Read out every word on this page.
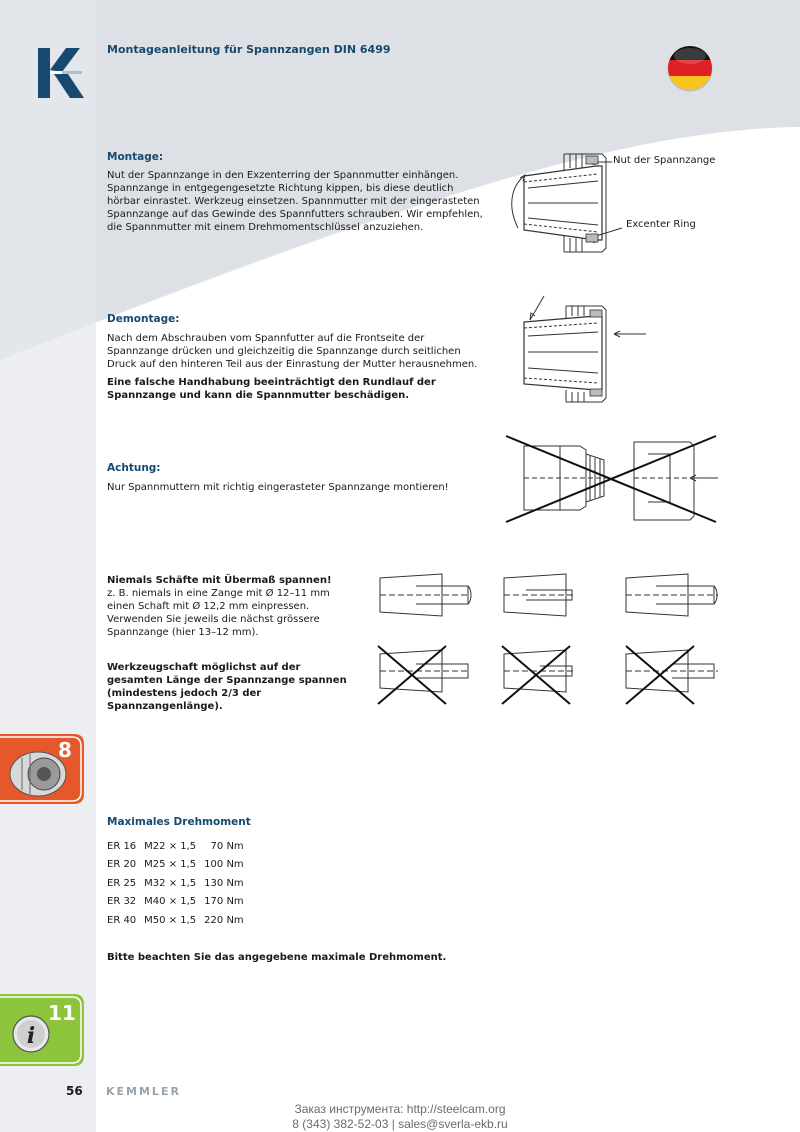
Montageanleitung für Spannzangen DIN 6499
Montage:
Nut der Spannzange in den Exzenterring der Spannmutter einhängen. Spannzange in entgegengesetzte Richtung kippen, bis diese deutlich hörbar einrastet. Werkzeug einsetzen. Spannmutter mit der eingerasteten Spannzange auf das Gewinde des Spannfutters schrauben. Wir empfehlen, die Spannmutter mit einem Drehmomentschlüssel anzuziehen.
Nut der Spannzange
Excenter Ring
Demontage:
Nach dem Abschrauben vom Spannfutter auf die Frontseite der Spannzange drücken und gleichzeitig die Spannzange durch seitlichen Druck auf den hinteren Teil aus der Einrastung der Mutter herausnehmen.
Eine falsche Handhabung beeinträchtigt den Rundlauf der Spannzange und kann die Spannmutter beschädigen.
Achtung:
Nur Spannmuttern mit richtig eingerasteter Spannzange montieren!
Niemals Schäfte mit Übermaß spannen!
z. B. niemals in eine Zange mit Ø 12–11 mm einen Schaft mit Ø 12,2 mm einpressen. Verwenden Sie jeweils die nächst grössere Spannzange (hier 13–12 mm).
Werkzeugschaft möglichst auf der gesamten Länge der Spannzange spannen (mindestens jedoch 2/3 der Spannzangenlänge).
8
i
11
Maximales Drehmoment
ER 16	M22 × 1,5	70 Nm
ER 20	M25 × 1,5	100 Nm
ER 25	M32 × 1,5	130 Nm
ER 32	M40 × 1,5	170 Nm
ER 40	M50 × 1,5	220 Nm
Bitte beachten Sie das angegebene maximale Drehmoment.
56 KEMMLER
Заказ инструмента: http://steelcam.org
8 (343) 382-52-03 | sales@sverla-ekb.ru
